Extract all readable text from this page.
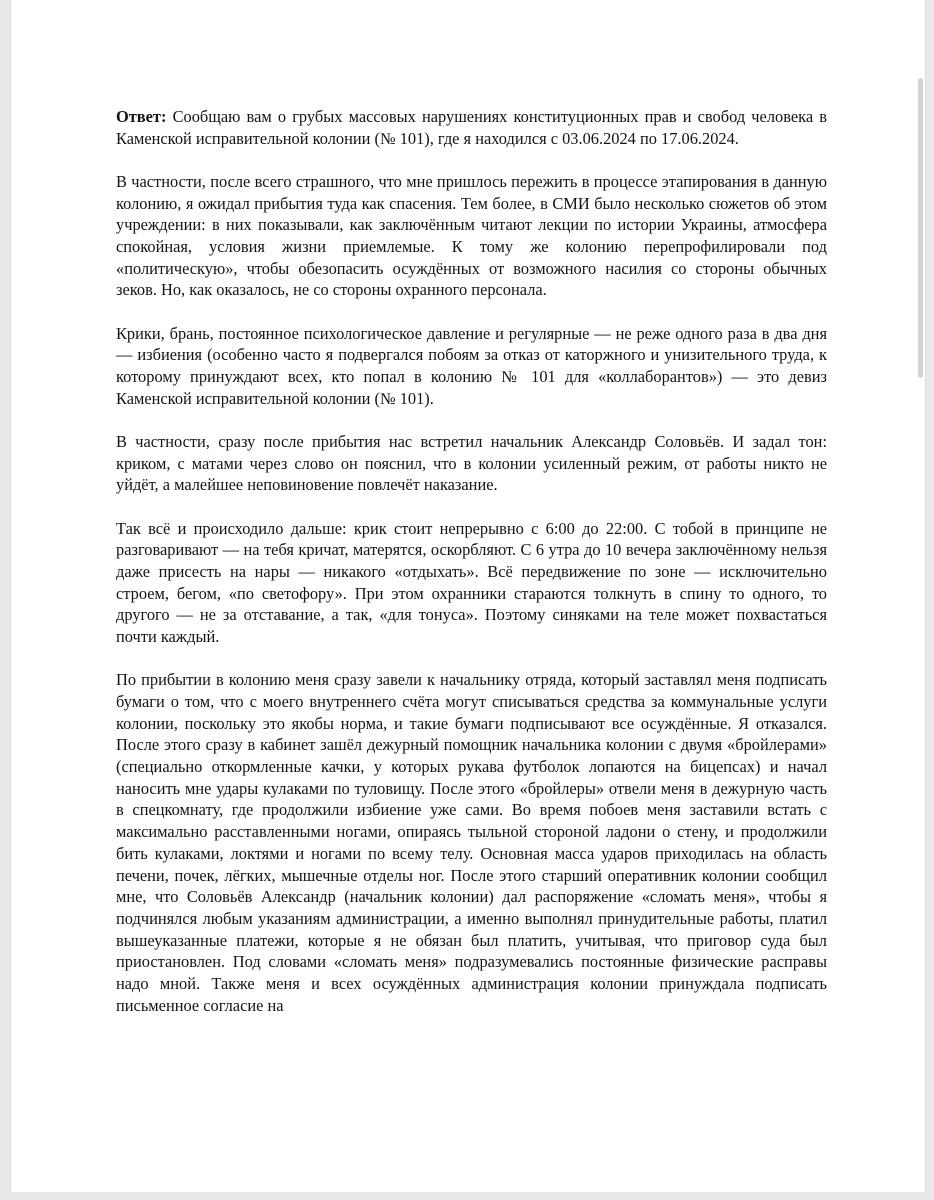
Ответ: Сообщаю вам о грубых массовых нарушениях конституционных прав и свобод человека в Каменской исправительной колонии (№ 101), где я находился с 03.06.2024 по 17.06.2024.

В частности, после всего страшного, что мне пришлось пережить в процессе этапирования в данную колонию, я ожидал прибытия туда как спасения. Тем более, в СМИ было несколько сюжетов об этом учреждении: в них показывали, как заключённым читают лекции по истории Украины, атмосфера спокойная, условия жизни приемлемые. К тому же колонию перепрофилировали под «политическую», чтобы обезопасить осуждённых от возможного насилия со стороны обычных зеков. Но, как оказалось, не со стороны охранного персонала.

Крики, брань, постоянное психологическое давление и регулярные — не реже одного раза в два дня — избиения (особенно часто я подвергался побоям за отказ от каторжного и унизительного труда, к которому принуждают всех, кто попал в колонию № 101 для «коллаборантов») — это девиз Каменской исправительной колонии (№ 101).

В частности, сразу после прибытия нас встретил начальник Александр Соловьёв. И задал тон: криком, с матами через слово он пояснил, что в колонии усиленный режим, от работы никто не уйдёт, а малейшее неповиновение повлечёт наказание.

Так всё и происходило дальше: крик стоит непрерывно с 6:00 до 22:00. С тобой в принципе не разговаривают — на тебя кричат, матерятся, оскорбляют. С 6 утра до 10 вечера заключённому нельзя даже присесть на нары — никакого «отдыхать». Всё передвижение по зоне — исключительно строем, бегом, «по светофору». При этом охранники стараются толкнуть в спину то одного, то другого — не за отставание, а так, «для тонуса». Поэтому синяками на теле может похвастаться почти каждый.

По прибытии в колонию меня сразу завели к начальнику отряда, который заставлял меня подписать бумаги о том, что с моего внутреннего счёта могут списываться средства за коммунальные услуги колонии, поскольку это якобы норма, и такие бумаги подписывают все осуждённые. Я отказался. После этого сразу в кабинет зашёл дежурный помощник начальника колонии с двумя «бройлерами» (специально откормленные качки, у которых рукава футболок лопаются на бицепсах) и начал наносить мне удары кулаками по туловищу. После этого «бройлеры» отвели меня в дежурную часть в спецкомнату, где продолжили избиение уже сами. Во время побоев меня заставили встать с максимально расставленными ногами, опираясь тыльной стороной ладони о стену, и продолжили бить кулаками, локтями и ногами по всему телу. Основная масса ударов приходилась на область печени, почек, лёгких, мышечные отделы ног. После этого старший оперативник колонии сообщил мне, что Соловьёв Александр (начальник колонии) дал распоряжение «сломать меня», чтобы я подчинялся любым указаниям администрации, а именно выполнял принудительные работы, платил вышеуказанные платежи, которые я не обязан был платить, учитывая, что приговор суда был приостановлен. Под словами «сломать меня» подразумевались постоянные физические расправы надо мной. Также меня и всех осуждённых администрация колонии принуждала подписать письменное согласие на
